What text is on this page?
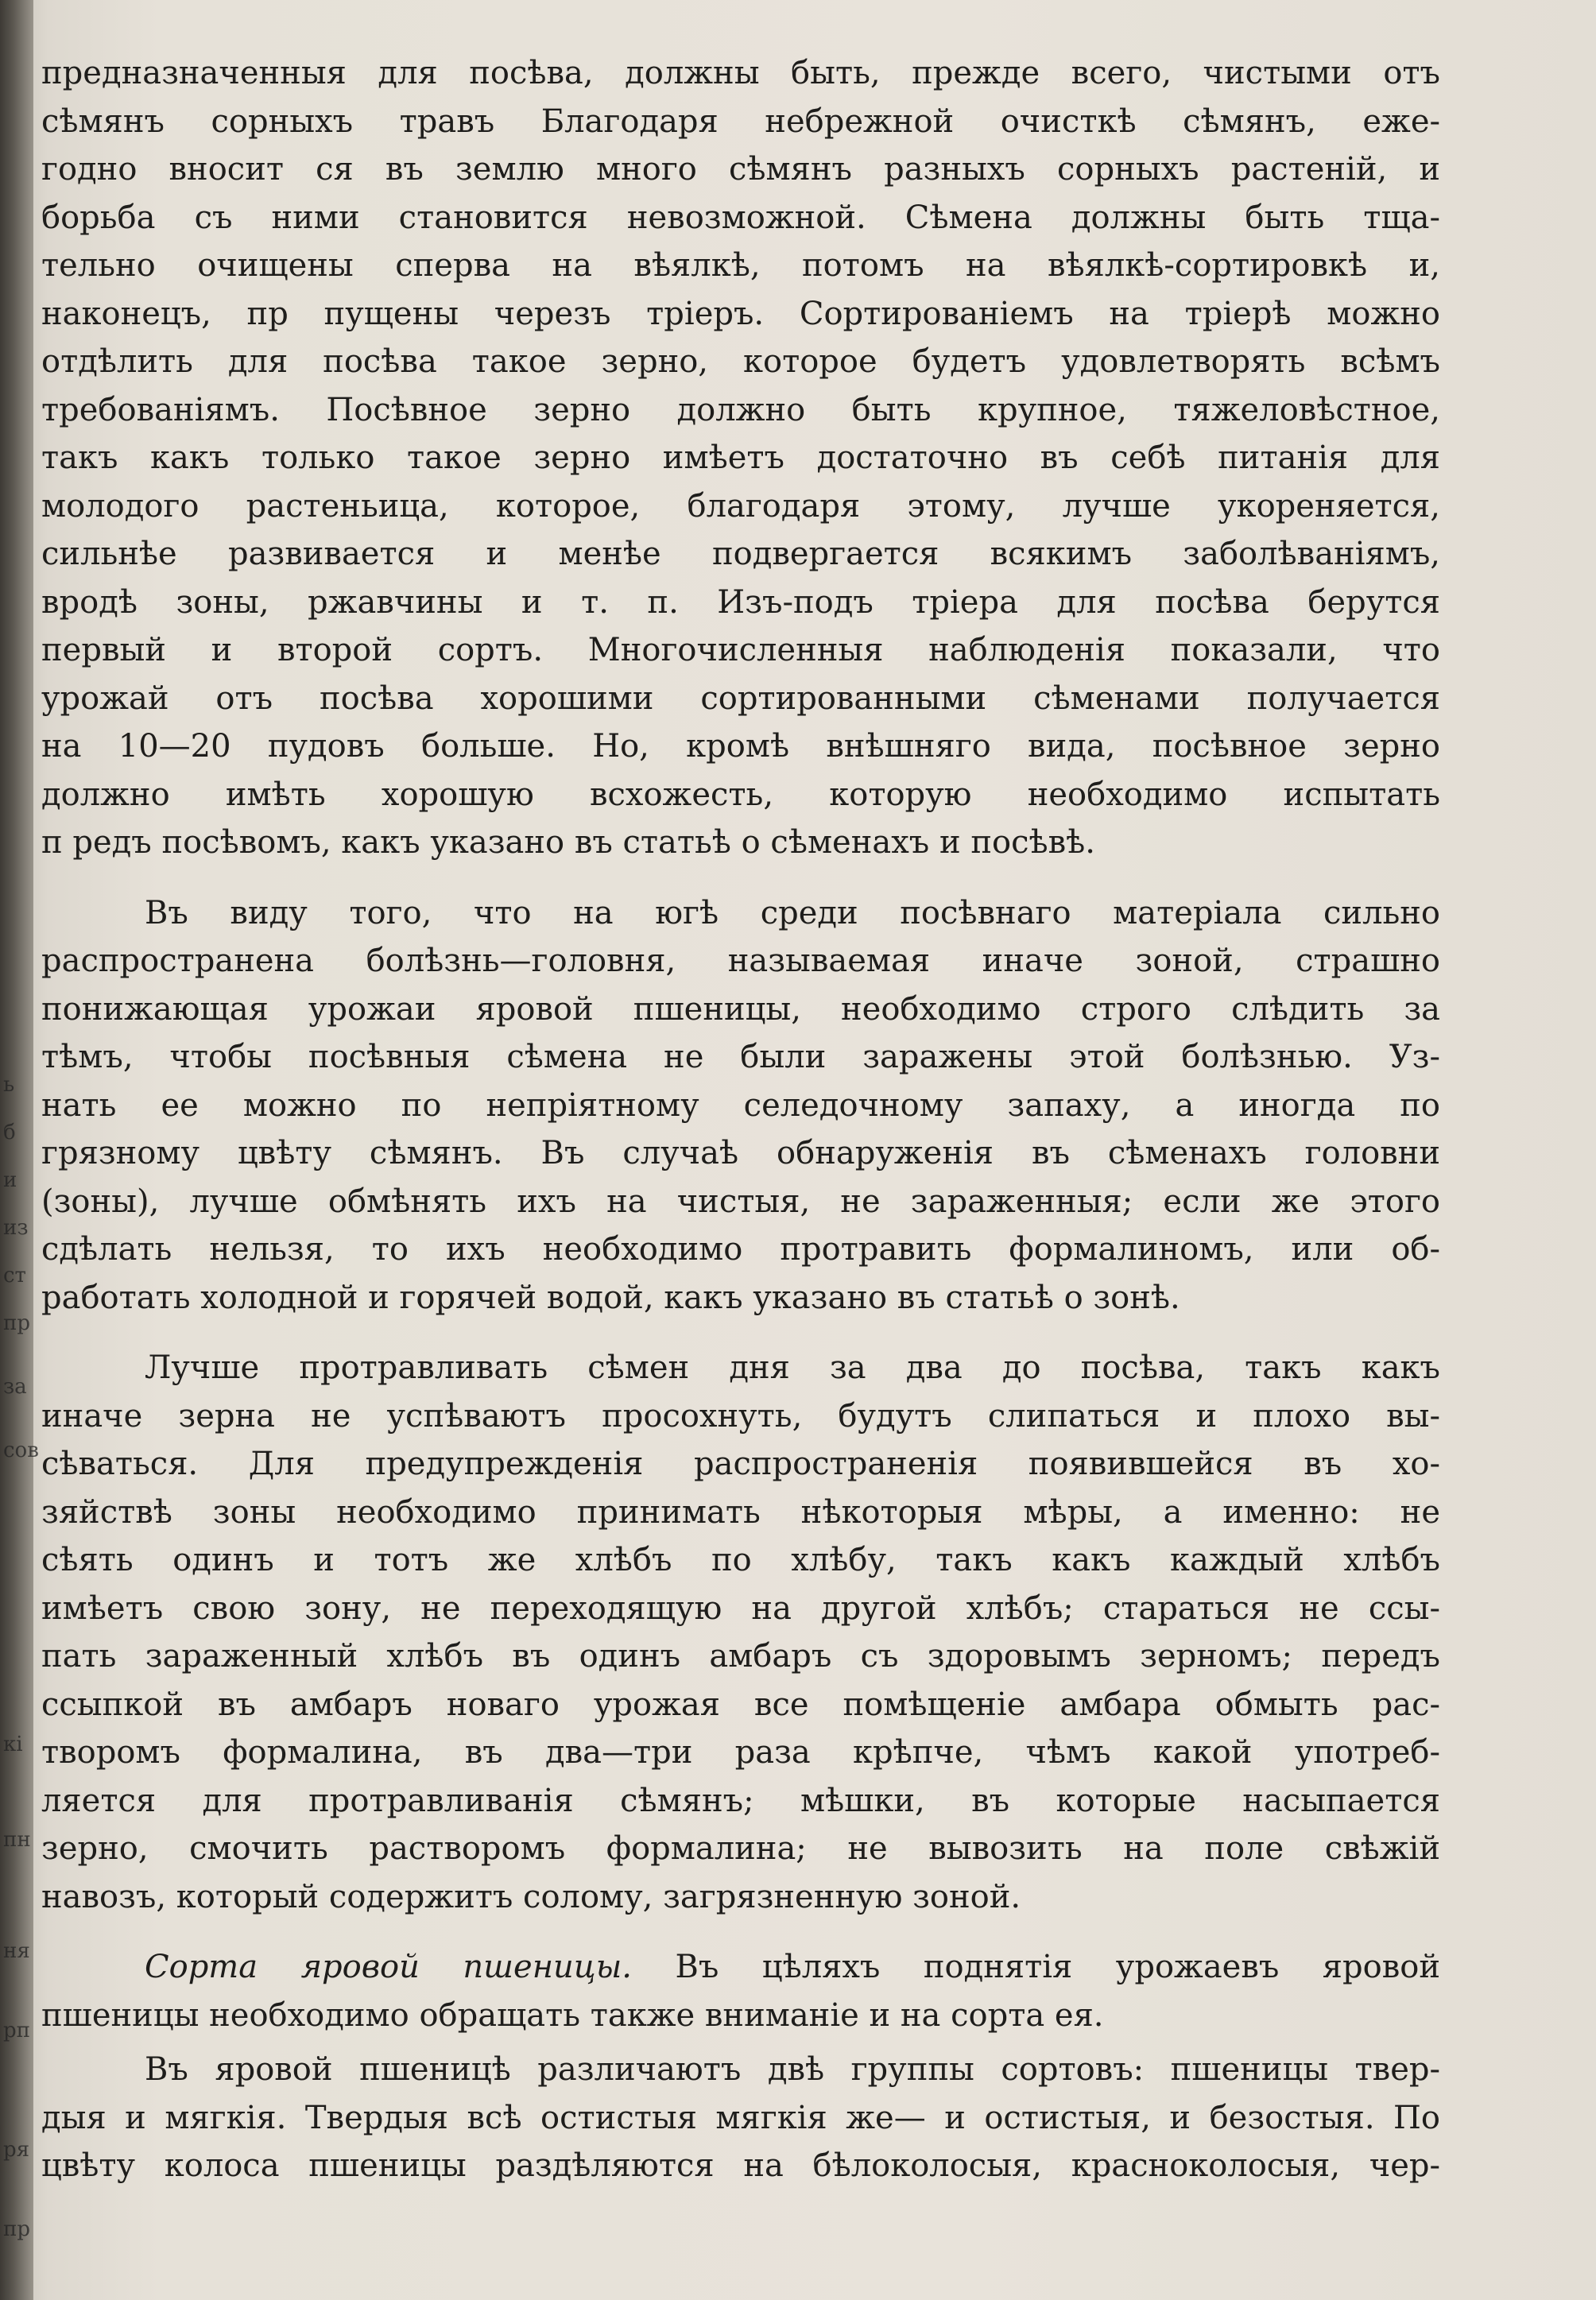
ь
б
и
из
ст
пр
за
сов
кі
пн
ня
рп
ря
пр
предназначенныя для посѣва, должны быть, прежде всего, чистыми отъ
сѣмянъ сорныхъ травъ Благодаря небрежной очисткѣ сѣмянъ, еже-
годно вносит ся въ землю много сѣмянъ разныхъ сорныхъ растеній, и
борьба съ ними становится невозможной. Сѣмена должны быть тща-
тельно очищены сперва на вѣялкѣ, потомъ на вѣялкѣ-сортировкѣ и,
наконецъ, пр пущены черезъ тріеръ. Сортированіемъ на тріерѣ можно
отдѣлить для посѣва такое зерно, которое будетъ удовлетворять всѣмъ
требованіямъ. Посѣвное зерно должно быть крупное, тяжеловѣстное,
такъ какъ только такое зерно имѣетъ достаточно въ себѣ питанія для
молодого растеньица, которое, благодаря этому, лучше укореняется,
сильнѣе развивается и менѣе подвергается всякимъ заболѣваніямъ,
вродѣ зоны, ржавчины и т. п. Изъ-подъ тріера для посѣва берутся
первый и второй сортъ. Многочисленныя наблюденія показали, что
урожай отъ посѣва хорошими сортированными сѣменами получается
на 10—20 пудовъ больше. Но, кромѣ внѣшняго вида, посѣвное зерно
должно имѣть хорошую всхожесть, которую необходимо испытать
п редъ посѣвомъ, какъ указано въ статьѣ о сѣменахъ и посѣвѣ.
Въ виду того, что на югѣ среди посѣвнаго матеріала сильно
распространена болѣзнь—головня, называемая иначе зоной, страшно
понижающая урожаи яровой пшеницы, необходимо строго слѣдить за
тѣмъ, чтобы посѣвныя сѣмена не были заражены этой болѣзнью. Уз-
нать ее можно по непріятному селедочному запаху, а иногда по
грязному цвѣту сѣмянъ. Въ случаѣ обнаруженія въ сѣменахъ головни
(зоны), лучше обмѣнять ихъ на чистыя, не зараженныя; если же этого
сдѣлать нельзя, то ихъ необходимо протравить формалиномъ, или об-
работать холодной и горячей водой, какъ указано въ статьѣ о зонѣ.
Лучше протравливать сѣмен дня за два до посѣва, такъ какъ
иначе зерна не успѣваютъ просохнуть, будутъ слипаться и плохо вы-
сѣваться. Для предупрежденія распространенія появившейся въ хо-
зяйствѣ зоны необходимо принимать нѣкоторыя мѣры, а именно: не
сѣять одинъ и тотъ же хлѣбъ по хлѣбу, такъ какъ каждый хлѣбъ
имѣетъ свою зону, не переходящую на другой хлѣбъ; стараться не ссы-
пать зараженный хлѣбъ въ одинъ амбаръ съ здоровымъ зерномъ; передъ
ссыпкой въ амбаръ новаго урожая все помѣщеніе амбара обмыть рас-
творомъ формалина, въ два—три раза крѣпче, чѣмъ какой употреб-
ляется для протравливанія сѣмянъ; мѣшки, въ которые насыпается
зерно, смочить растворомъ формалина; не вывозить на поле свѣжій
навозъ, который содержитъ солому, загрязненную зоной.
Сорта яровой пшеницы. Въ цѣляхъ поднятія урожаевъ яровой
пшеницы необходимо обращать также вниманіе и на сорта ея.
Въ яровой пшеницѣ различаютъ двѣ группы сортовъ: пшеницы твер-
дыя и мягкія. Твердыя всѣ остистыя мягкія же— и остистыя, и безостыя. По
цвѣту колоса пшеницы раздѣляются на бѣлоколосыя, красноколосыя, чер-
